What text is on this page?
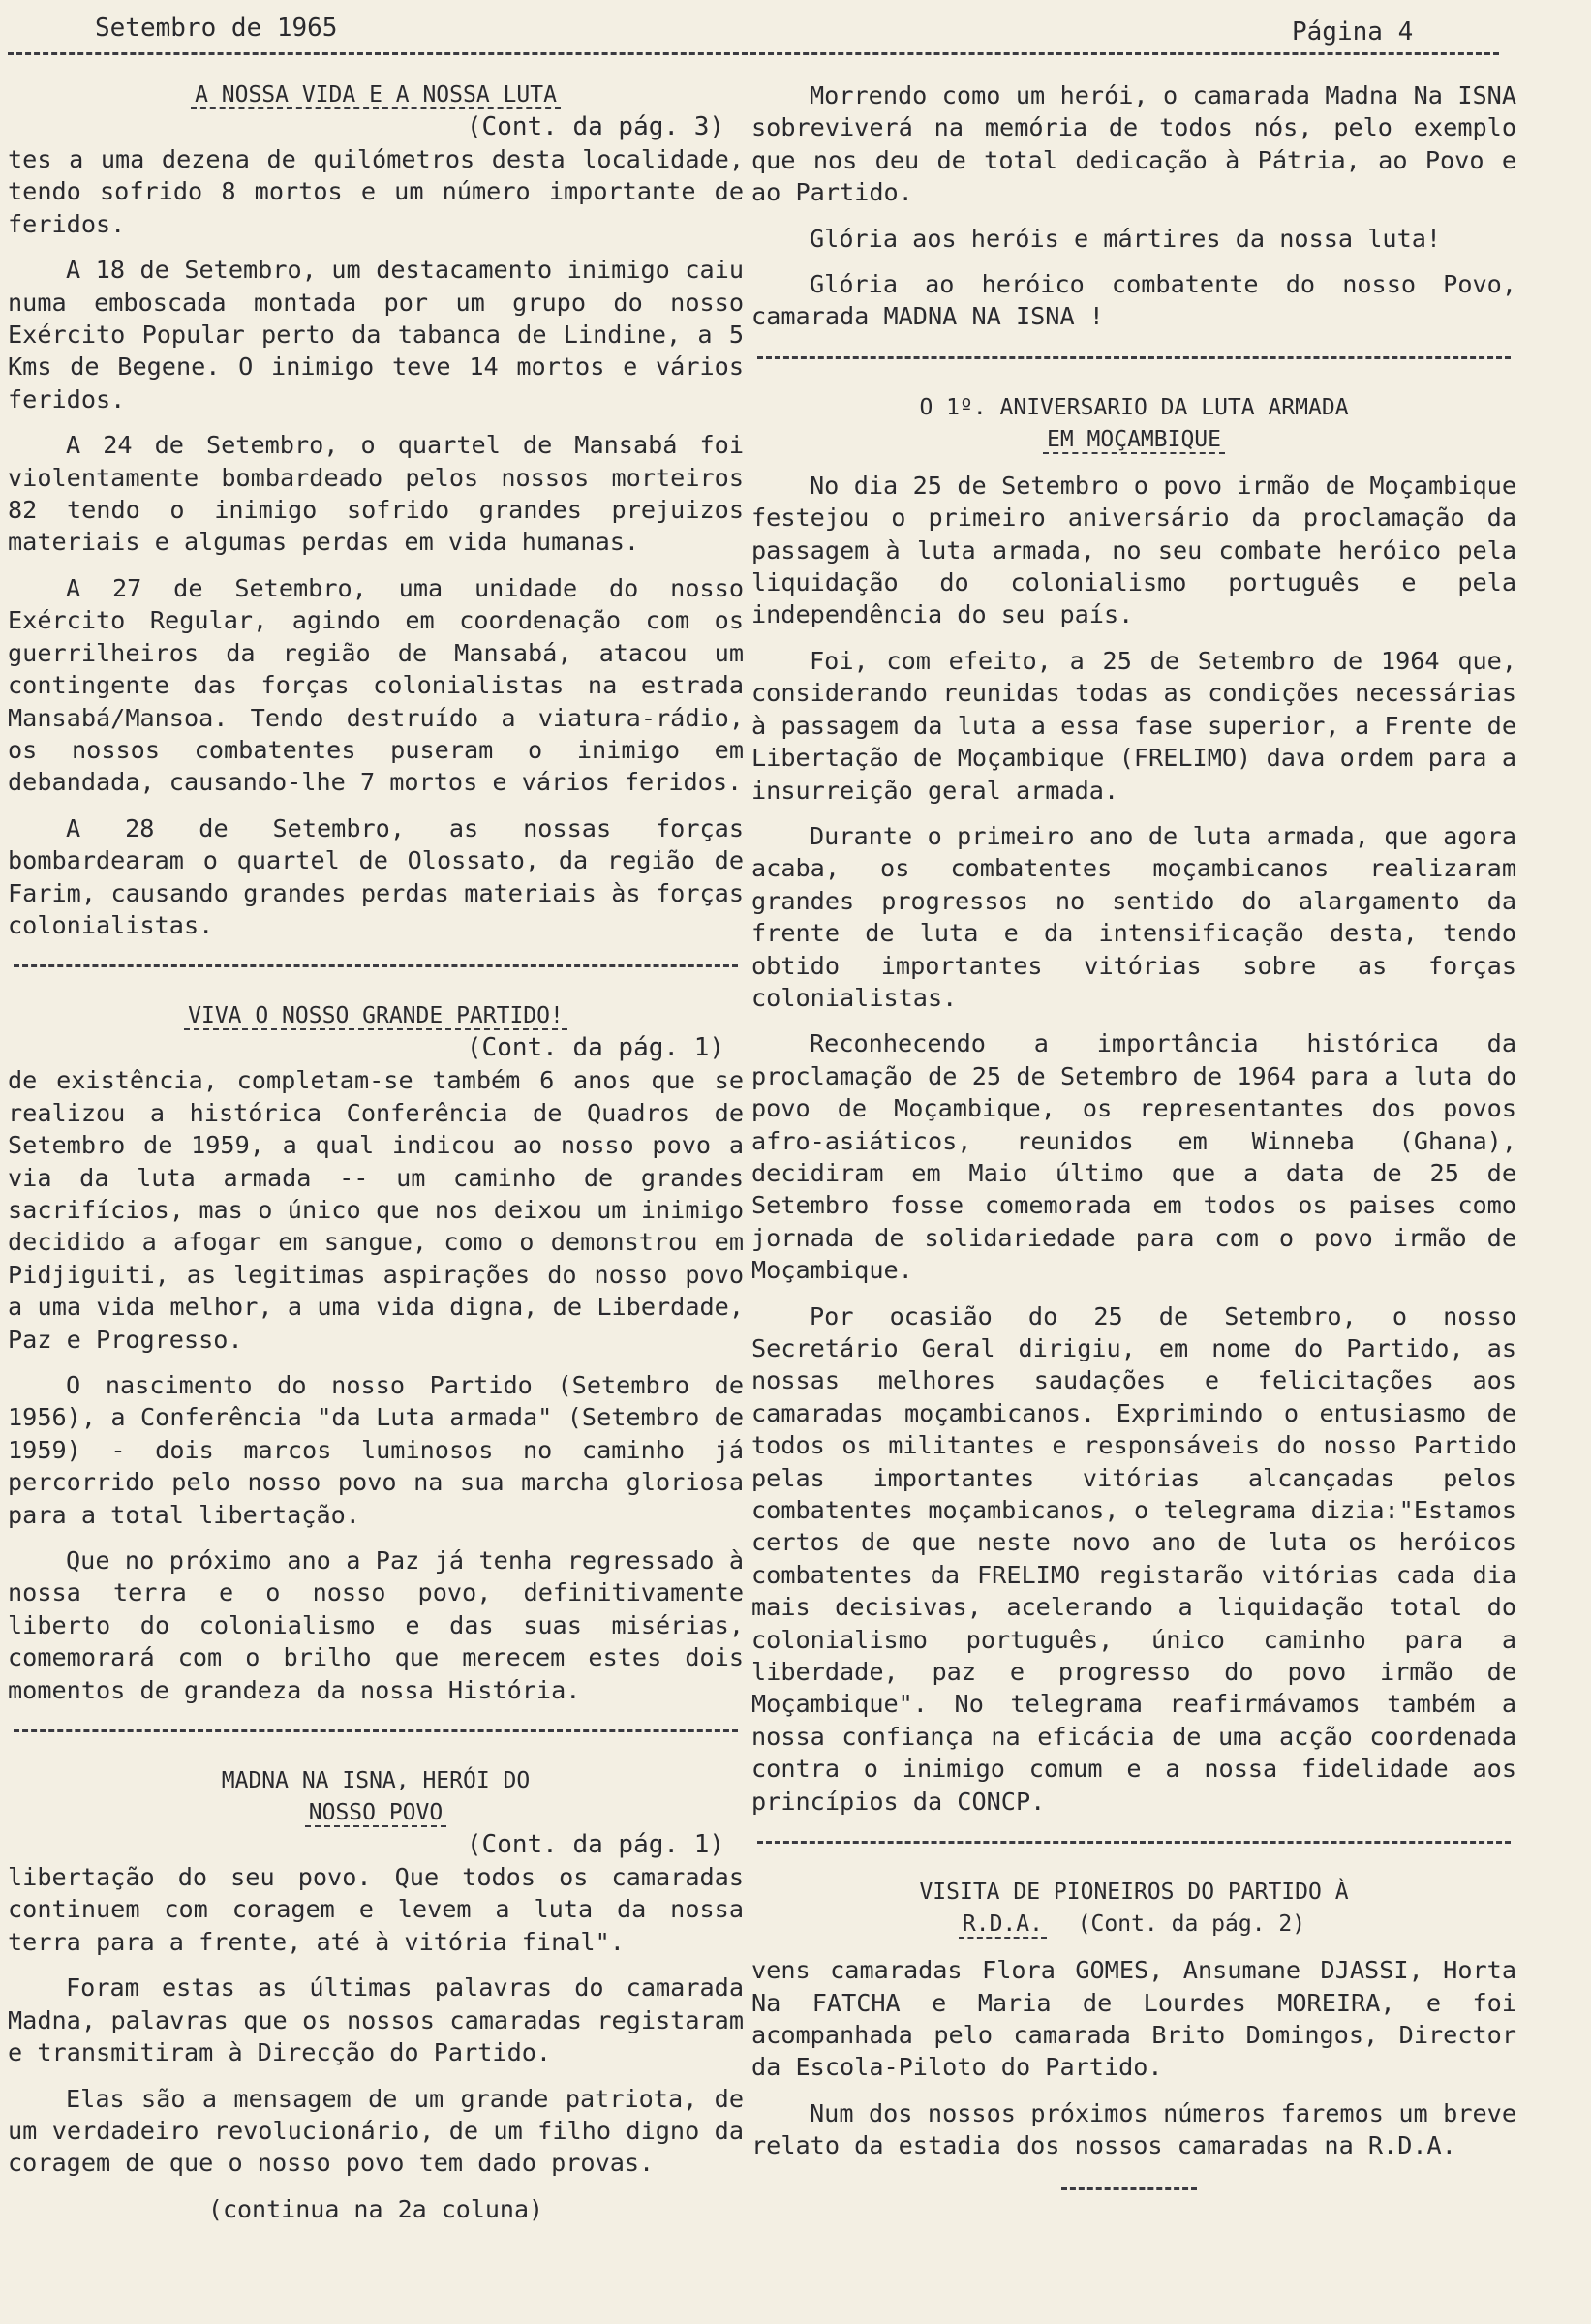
Setembro de 1965	Página 4
A NOSSA VIDA E A NOSSA LUTA
(Cont. da pág. 3)

tes a uma dezena de quilómetros desta localidade, tendo sofrido 8 mortos e um número importante de feridos.

A 18 de Setembro, um destacamento inimigo caiu numa emboscada montada por um grupo do nosso Exército Popular perto da tabanca de Lindine, a 5 Kms de Begene. O inimigo teve 14 mortos e vários feridos.

A 24 de Setembro, o quartel de Mansabá foi violentamente bombardeado pelos nossos morteiros 82 tendo o inimigo sofrido grandes prejuizos materiais e algumas perdas em vida humanas.

A 27 de Setembro, uma unidade do nosso Exército Regular, agindo em coordenação com os guerrilheiros da região de Mansabá, atacou um contingente das forças colonialistas na estrada Mansabá/Mansoa. Tendo destruído a viatura-rádio, os nossos combatentes puseram o inimigo em debandada, causando-lhe 7 mortos e vários feridos.

A 28 de Setembro, as nossas forças bombardearam o quartel de Olossato, da região de Farim, causando grandes perdas materiais às forças colonialistas.

VIVA O NOSSO GRANDE PARTIDO!
(Cont. da pág. 1)

de existência, completam-se também 6 anos que se realizou a histórica Conferência de Quadros de Setembro de 1959, a qual indicou ao nosso povo a via da luta armada -- um caminho de grandes sacrifícios, mas o único que nos deixou um inimigo decidido a afogar em sangue, como o demonstrou em Pidjiguiti, as legitimas aspirações do nosso povo a uma vida melhor, a uma vida digna, de Liberdade, Paz e Progresso.

O nascimento do nosso Partido (Setembro de 1956), a Conferência "da Luta armada" (Setembro de 1959) - dois marcos luminosos no caminho já percorrido pelo nosso povo na sua marcha gloriosa para a total libertação.

Que no próximo ano a Paz já tenha regressado à nossa terra e o nosso povo, definitivamente liberto do colonialismo e das suas misérias, comemorará com o brilho que merecem estes dois momentos de grandeza da nossa História.

MADNA NA ISNA, HERÓI DO
NOSSO POVO
(Cont. da pág. 1)

libertação do seu povo. Que todos os camaradas continuem com coragem e levem a luta da nossa terra para a frente, até à vitória final".

Foram estas as últimas palavras do camarada Madna, palavras que os nossos camaradas registaram e transmitiram à Direcção do Partido.

Elas são a mensagem de um grande patriota, de um verdadeiro revolucionário, de um filho digno da coragem de que o nosso povo tem dado provas.

(continua na 2a coluna)

Morrendo como um herói, o camarada Madna Na ISNA sobreviverá na memória de todos nós, pelo exemplo que nos deu de total dedicação à Pátria, ao Povo e ao Partido.

Glória aos heróis e mártires da nossa luta!

Glória ao heróico combatente do nosso Povo, camarada MADNA NA ISNA !

O 1º. ANIVERSARIO DA LUTA ARMADA
EM MOÇAMBIQUE

No dia 25 de Setembro o povo irmão de Moçambique festejou o primeiro aniversário da proclamação da passagem à luta armada, no seu combate heróico pela liquidação do colonialismo português e pela independência do seu país.

Foi, com efeito, a 25 de Setembro de 1964 que, considerando reunidas todas as condições necessárias à passagem da luta a essa fase superior, a Frente de Libertação de Moçambique (FRELIMO) dava ordem para a insurreição geral armada.

Durante o primeiro ano de luta armada, que agora acaba, os combatentes moçambicanos realizaram grandes progressos no sentido do alargamento da frente de luta e da intensificação desta, tendo obtido importantes vitórias sobre as forças colonialistas.

Reconhecendo a importância histórica da proclamação de 25 de Setembro de 1964 para a luta do povo de Moçambique, os representantes dos povos afro-asiáticos, reunidos em Winneba (Ghana), decidiram em Maio último que a data de 25 de Setembro fosse comemorada em todos os paises como jornada de solidariedade para com o povo irmão de Moçambique.

Por ocasião do 25 de Setembro, o nosso Secretário Geral dirigiu, em nome do Partido, as nossas melhores saudações e felicitações aos camaradas moçambicanos. Exprimindo o entusiasmo de todos os militantes e responsáveis do nosso Partido pelas importantes vitórias alcançadas pelos combatentes moçambicanos, o telegrama dizia:"Estamos certos de que neste novo ano de luta os heróicos combatentes da FRELIMO registarão vitórias cada dia mais decisivas, acelerando a liquidação total do colonialismo português, único caminho para a liberdade, paz e progresso do povo irmão de Moçambique". No telegrama reafirmávamos também a nossa confiança na eficácia de uma acção coordenada contra o inimigo comum e a nossa fidelidade aos princípios da CONCP.

VISITA DE PIONEIROS DO PARTIDO À
R.D.A. (Cont. da pág. 2)

vens camaradas Flora GOMES, Ansumane DJASSI, Horta Na FATCHA e Maria de Lourdes MOREIRA, e foi acompanhada pelo camarada Brito Domingos, Director da Escola-Piloto do Partido.

Num dos nossos próximos números faremos um breve relato da estadia dos nossos camaradas na R.D.A.
